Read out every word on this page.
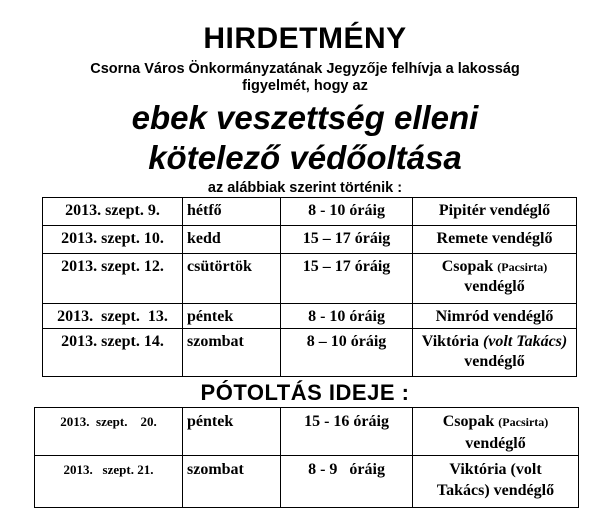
HIRDETMÉNY
Csorna Város Önkormányzatának Jegyzője felhívja a lakosság
figyelmét, hogy az
ebek veszettség elleni
kötelező védőoltása
az alábbiak szerint történik :
2013. szept. 9.	hétfő	8 - 10 óráig	Pipitér vendéglő
2013. szept. 10.	kedd	15 – 17 óráig	Remete vendéglő
2013. szept. 12.	csütörtök	15 – 17 óráig	Csopak (Pacsirta)
vendéglő
2013.  szept.  13.	péntek	8 - 10 óráig	Nimród vendéglő
2013. szept. 14.	szombat	8 – 10 óráig	Viktória (volt Takács) vendéglő
PÓTOLTÁS IDEJE :
2013.  szept.    20.	péntek	15 - 16 óráig	Csopak (Pacsirta)
vendéglő
2013.   szept. 21.	szombat	8 - 9   óráig	Viktória (volt
Takács) vendéglő
